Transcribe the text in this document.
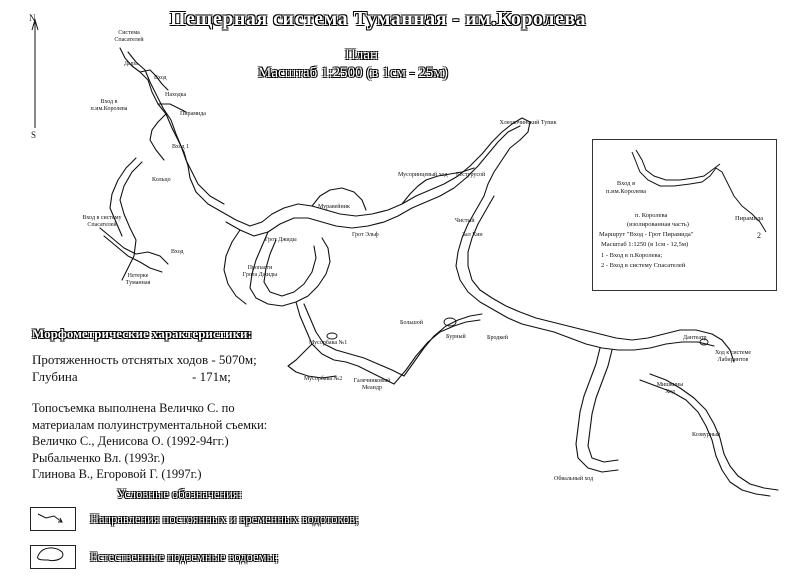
N
S
Пещерная система Туманная - им.Королева
План
Масштаб 1:2500 (в 1см - 25м)
Система Спасателей
Дыра
Вход
Вход в п.им.Королева
Находка
Пирамида
Вход 1
Кольцо
Вход в систему Спасателей
Вход
Нетерке Туманная
Хлеохочинский Тупик
Мусоринцевый ход Бестурусой
Муравейник
Грот Эльф
Грот Джиды
Пропасти Грота Джиды
Чистый
Зал Кин
Большой
Бурный	Бродкей
Мусорбака №1
Мусорбака №2	Галечниковый Меандр
Дантеатр
Ход к системе Лабиринтов
Мишкины Ход
Козвурный
Обвальный ход
Вход в п.им.Королева
Пирамида
п. Королева
(изолированная часть)
Маршрут "Вход - Грот Пирамида"
Масштаб 1:1250 (в 1см - 12,5м)
1 - Вход в п.Королева;
2 - Вход в систему Спасателей
2
Морфометрические характеристики:
Протяженность отснятых ходов - 5070м;
Глубина	- 171м;
Топосъемка выполнена Величко С. по
материалам полуинструментальной съемки:
Величко С., Денисова О. (1992-94гг.)
Рыбальченко Вл. (1993г.)
Глинова В., Егоровой Г. (1997г.)
Условные обозначения:
Направления постоянных и временных водотоков;
Естественные подземные водоемы;
